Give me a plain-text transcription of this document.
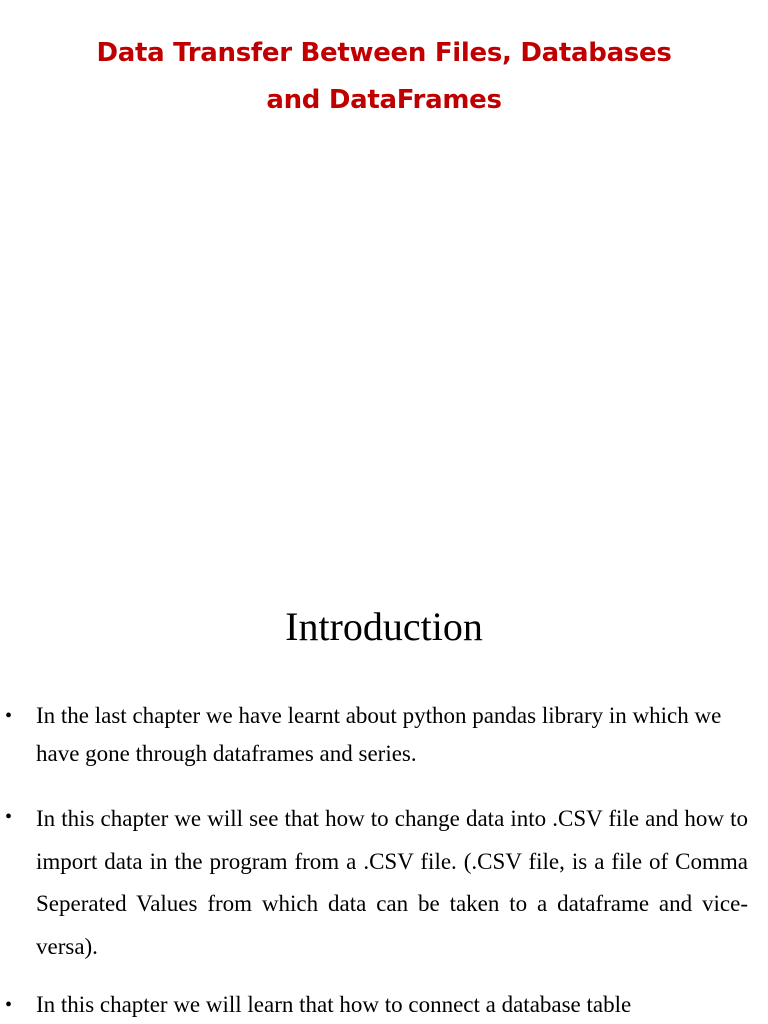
Data Transfer Between Files, Databases
and DataFrames
Introduction
• In the last chapter we have learnt about python pandas library in which we have gone through dataframes and series.
• In this chapter we will see that how to change data into .CSV file and how to import data in the program from a .CSV file. (.CSV file, is a file of Comma Seperated Values from which data can be taken to a dataframe and vice-versa).
• In this chapter we will learn that how to connect a database table
